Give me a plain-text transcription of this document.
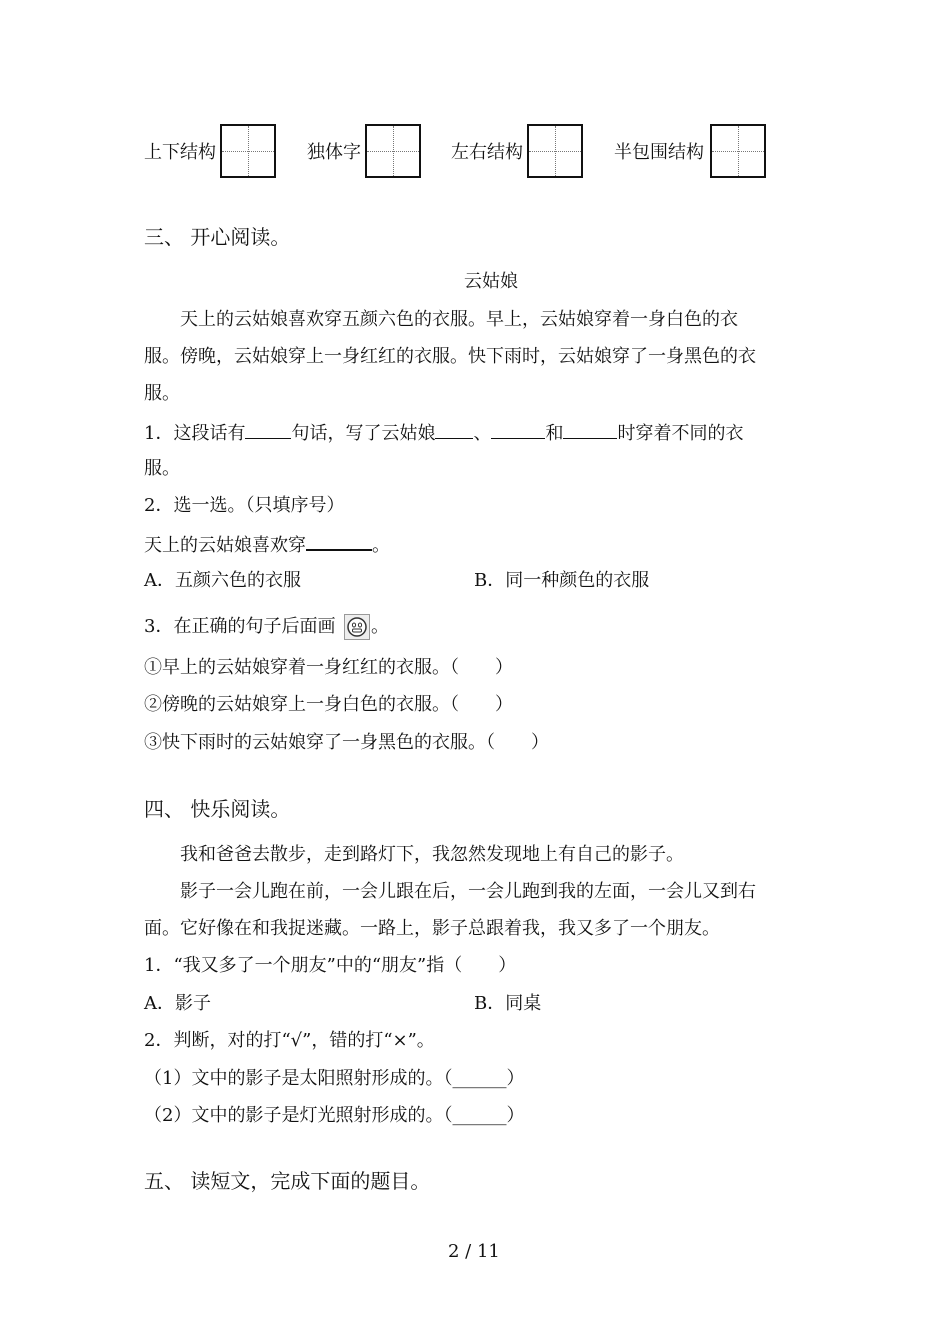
上下结构	独体字	左右结构	半包围结构
三、 开心阅读。
云姑娘
天上的云姑娘喜欢穿五颜六色的衣服。早上，云姑娘穿着一身白色的衣
服。傍晚，云姑娘穿上一身红红的衣服。快下雨时，云姑娘穿了一身黑色的衣
服。
1．这段话有	句话，写了云姑娘 、	和	时穿着不同的衣
服。
2．选一选。（只填序号）
天上的云姑娘喜欢穿	。
A．五颜六色的衣服	B．同一种颜色的衣服
3．在正确的句子后面画 。
①早上的云姑娘穿着一身红红的衣服。（　　）
②傍晚的云姑娘穿上一身白色的衣服。（　　）
③快下雨时的云姑娘穿了一身黑色的衣服。（　　）
四、 快乐阅读。
我和爸爸去散步，走到路灯下，我忽然发现地上有自己的影子。
影子一会儿跑在前，一会儿跟在后，一会儿跑到我的左面，一会儿又到右
面。它好像在和我捉迷藏。一路上，影子总跟着我，我又多了一个朋友。
1．“我又多了一个朋友”中的“朋友”指（　　）
A．影子	B．同桌
2．判断，对的打“√”，错的打“×”。
（1）文中的影子是太阳照射形成的。（______）
（2）文中的影子是灯光照射形成的。（______）
五、 读短文，完成下面的题目。
2 / 11
